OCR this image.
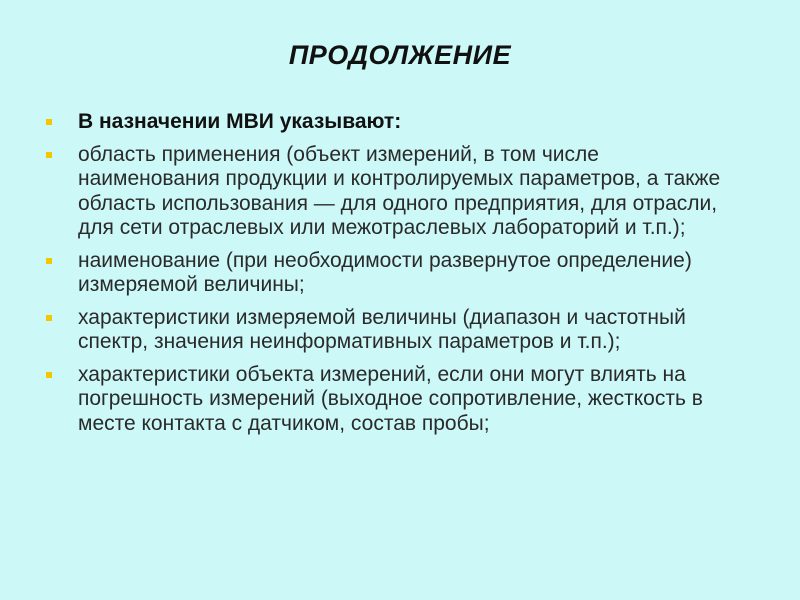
ПРОДОЛЖЕНИЕ
В назначении МВИ указывают:
область применения (объект измерений, в том числе наименования продукции и контролируемых параметров, а также область использования — для одного предприятия, для отрасли, для сети отраслевых или межотраслевых лабораторий и т.п.);
наименование (при необходимости развернутое определение) измеряемой величины;
характеристики измеряемой величины (диапазон и частотный спектр, значения неинформативных параметров и т.п.);
характеристики объекта измерений, если они могут влиять на погрешность измерений (выходное сопротивление, жесткость в месте контакта с датчиком, состав пробы;
